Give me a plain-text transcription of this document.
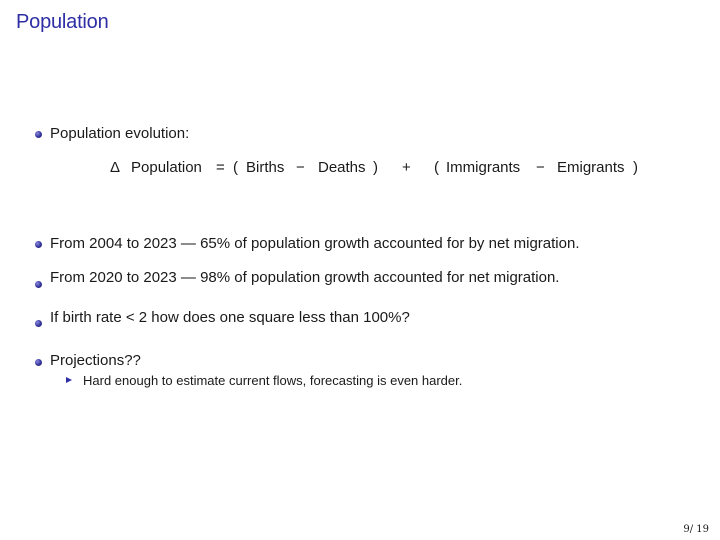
Population
Population evolution:
Δ Population = ( Births − Deaths ) + ( Immigrants − Emigrants )
From 2004 to 2023 — 65% of population growth accounted for by net migration.
From 2020 to 2023 — 98% of population growth accounted for net migration.
If birth rate < 2 how does one square less than 100%?
Projections??
Hard enough to estimate current flows, forecasting is even harder.
9/ 19
